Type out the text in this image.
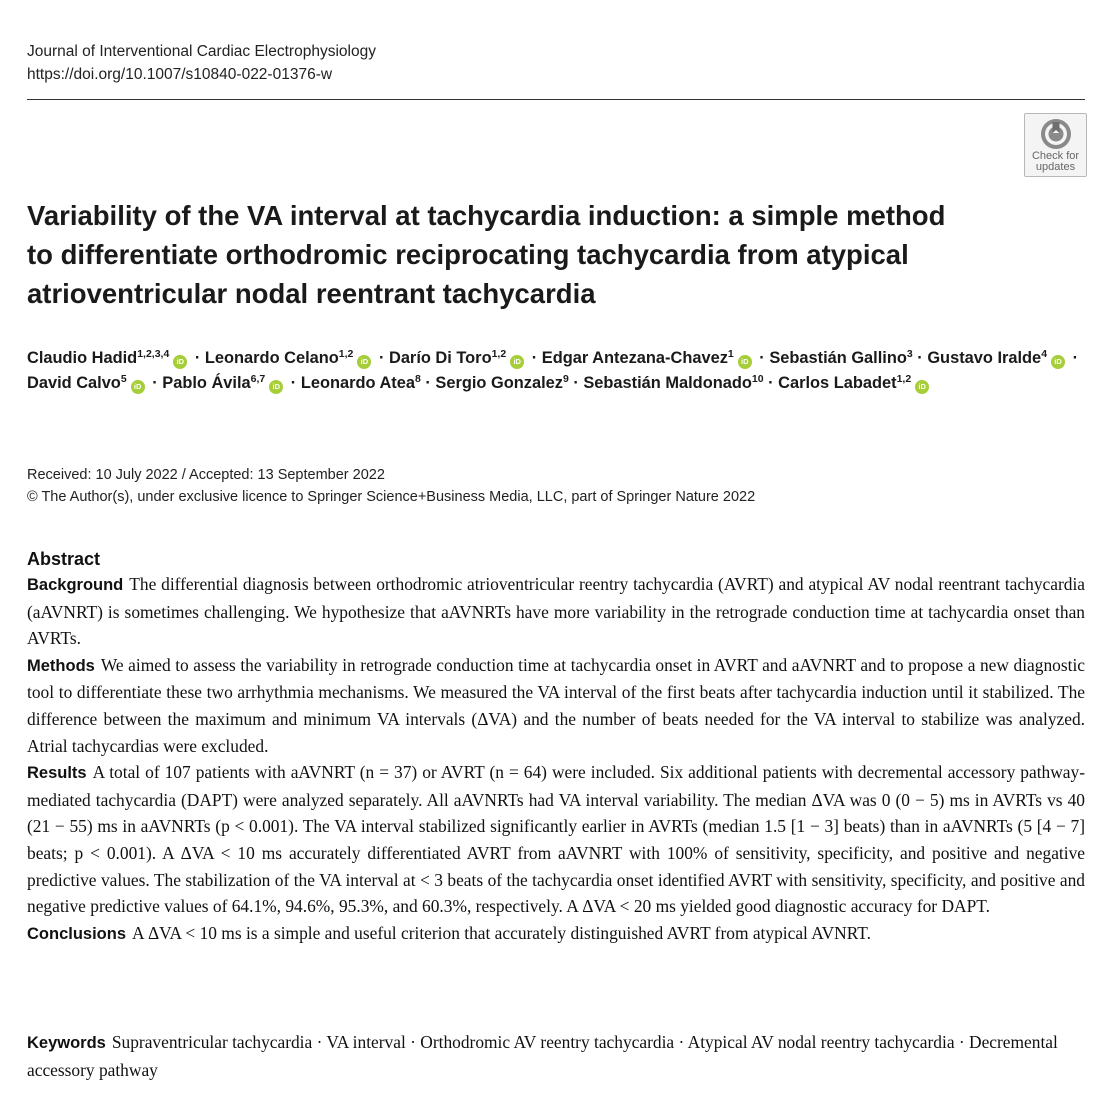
Journal of Interventional Cardiac Electrophysiology
https://doi.org/10.1007/s10840-022-01376-w
Check for
updates
Variability of the VA interval at tachycardia induction: a simple method
to differentiate orthodromic reciprocating tachycardia from atypical
atrioventricular nodal reentrant tachycardia
Claudio Hadid$^{1,2,3,4}$iD · Leonardo Celano$^{1,2}$iD · Darío Di Toro$^{1,2}$iD · Edgar Antezana-Chavez$^1$iD · Sebastián Gallino$^3$ · Gustavo Iralde$^4$iD · David Calvo$^5$iD · Pablo Ávila$^{6,7}$iD · Leonardo Atea$^8$ · Sergio Gonzalez$^9$ · Sebastián Maldonado$^{10}$ · Carlos Labadet$^{1,2}$iD
Received: 10 July 2022 / Accepted: 13 September 2022
© The Author(s), under exclusive licence to Springer Science+Business Media, LLC, part of Springer Nature 2022
Abstract

Background The differential diagnosis between orthodromic atrioventricular reentry tachycardia (AVRT) and atypical AV nodal reentrant tachycardia (aAVNRT) is sometimes challenging. We hypothesize that aAVNRTs have more variability in the retrograde conduction time at tachycardia onset than AVRTs.

Methods We aimed to assess the variability in retrograde conduction time at tachycardia onset in AVRT and aAVNRT and to propose a new diagnostic tool to differentiate these two arrhythmia mechanisms. We measured the VA interval of the first beats after tachycardia induction until it stabilized. The difference between the maximum and minimum VA intervals (ΔVA) and the number of beats needed for the VA interval to stabilize was analyzed. Atrial tachycardias were excluded.

Results A total of 107 patients with aAVNRT (n = 37) or AVRT (n = 64) were included. Six additional patients with decremental accessory pathway-mediated tachycardia (DAPT) were analyzed separately. All aAVNRTs had VA interval variability. The median ΔVA was 0 (0 − 5) ms in AVRTs vs 40 (21 − 55) ms in aAVNRTs (p < 0.001). The VA interval stabilized significantly earlier in AVRTs (median 1.5 [1 − 3] beats) than in aAVNRTs (5 [4 − 7] beats; p < 0.001). A ΔVA < 10 ms accurately differentiated AVRT from aAVNRT with 100% of sensitivity, specificity, and positive and negative predictive values. The stabilization of the VA interval at < 3 beats of the tachycardia onset identified AVRT with sensitivity, specificity, and positive and negative predictive values of 64.1%, 94.6%, 95.3%, and 60.3%, respectively. A ΔVA < 20 ms yielded good diagnostic accuracy for DAPT.

Conclusions A ΔVA < 10 ms is a simple and useful criterion that accurately distinguished AVRT from atypical AVNRT.

Keywords Supraventricular tachycardia · VA interval · Orthodromic AV reentry tachycardia · Atypical AV nodal reentry tachycardia · Decremental accessory pathway
